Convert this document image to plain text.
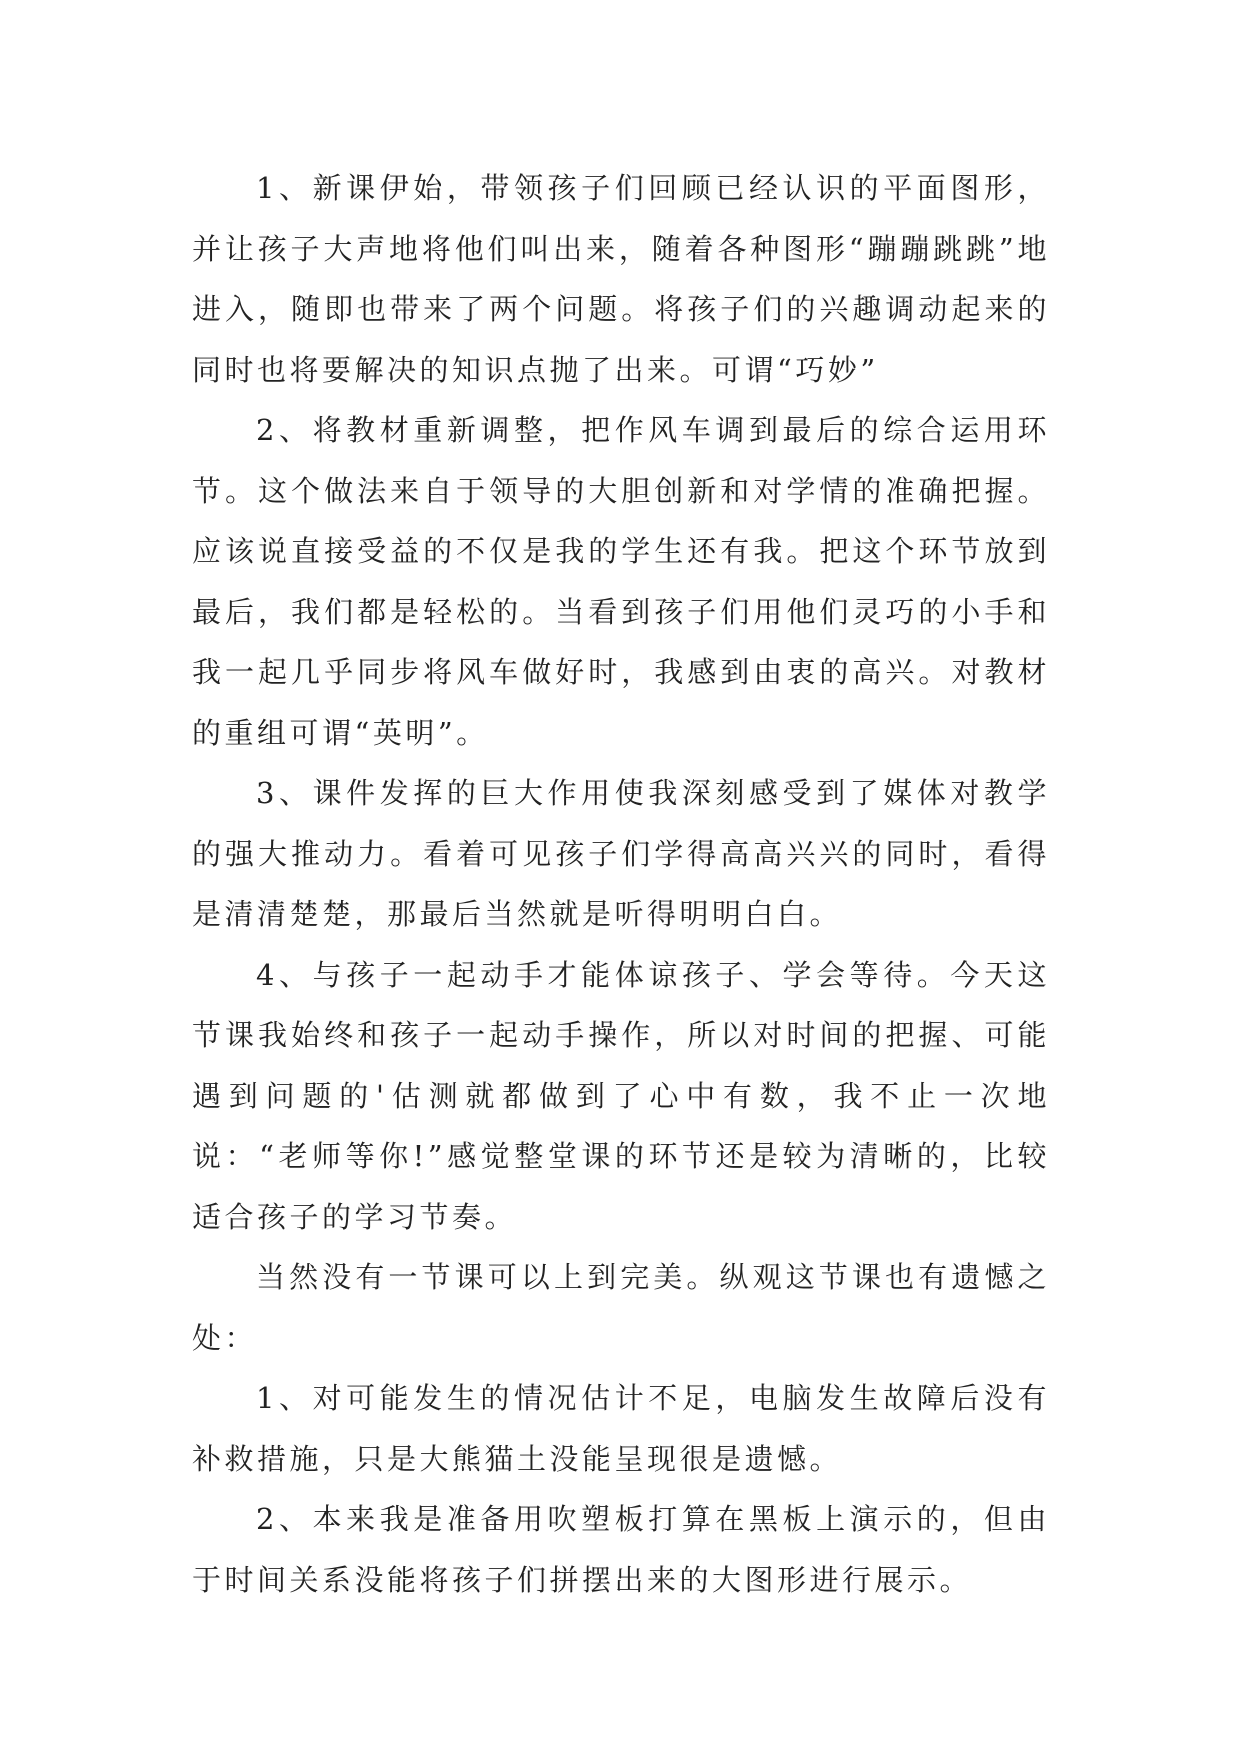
1、新课伊始，带领孩子们回顾已经认识的平面图形，并让孩子大声地将他们叫出来，随着各种图形“蹦蹦跳跳”地进入，随即也带来了两个问题。将孩子们的兴趣调动起来的同时也将要解决的知识点抛了出来。可谓“巧妙”

2、将教材重新调整，把作风车调到最后的综合运用环节。这个做法来自于领导的大胆创新和对学情的准确把握。应该说直接受益的不仅是我的学生还有我。把这个环节放到最后，我们都是轻松的。当看到孩子们用他们灵巧的小手和我一起几乎同步将风车做好时，我感到由衷的高兴。对教材的重组可谓“英明”。

3、课件发挥的巨大作用使我深刻感受到了媒体对教学的强大推动力。看着可见孩子们学得高高兴兴的同时，看得是清清楚楚，那最后当然就是听得明明白白。

4、与孩子一起动手才能体谅孩子、学会等待。今天这节课我始终和孩子一起动手操作，所以对时间的把握、可能遇到问题的'估测就都做到了心中有数，我不止一次地说：“老师等你!”感觉整堂课的环节还是较为清晰的，比较适合孩子的学习节奏。

当然没有一节课可以上到完美。纵观这节课也有遗憾之处：

1、对可能发生的情况估计不足，电脑发生故障后没有补救措施，只是大熊猫土没能呈现很是遗憾。

2、本来我是准备用吹塑板打算在黑板上演示的，但由于时间关系没能将孩子们拼摆出来的大图形进行展示。
